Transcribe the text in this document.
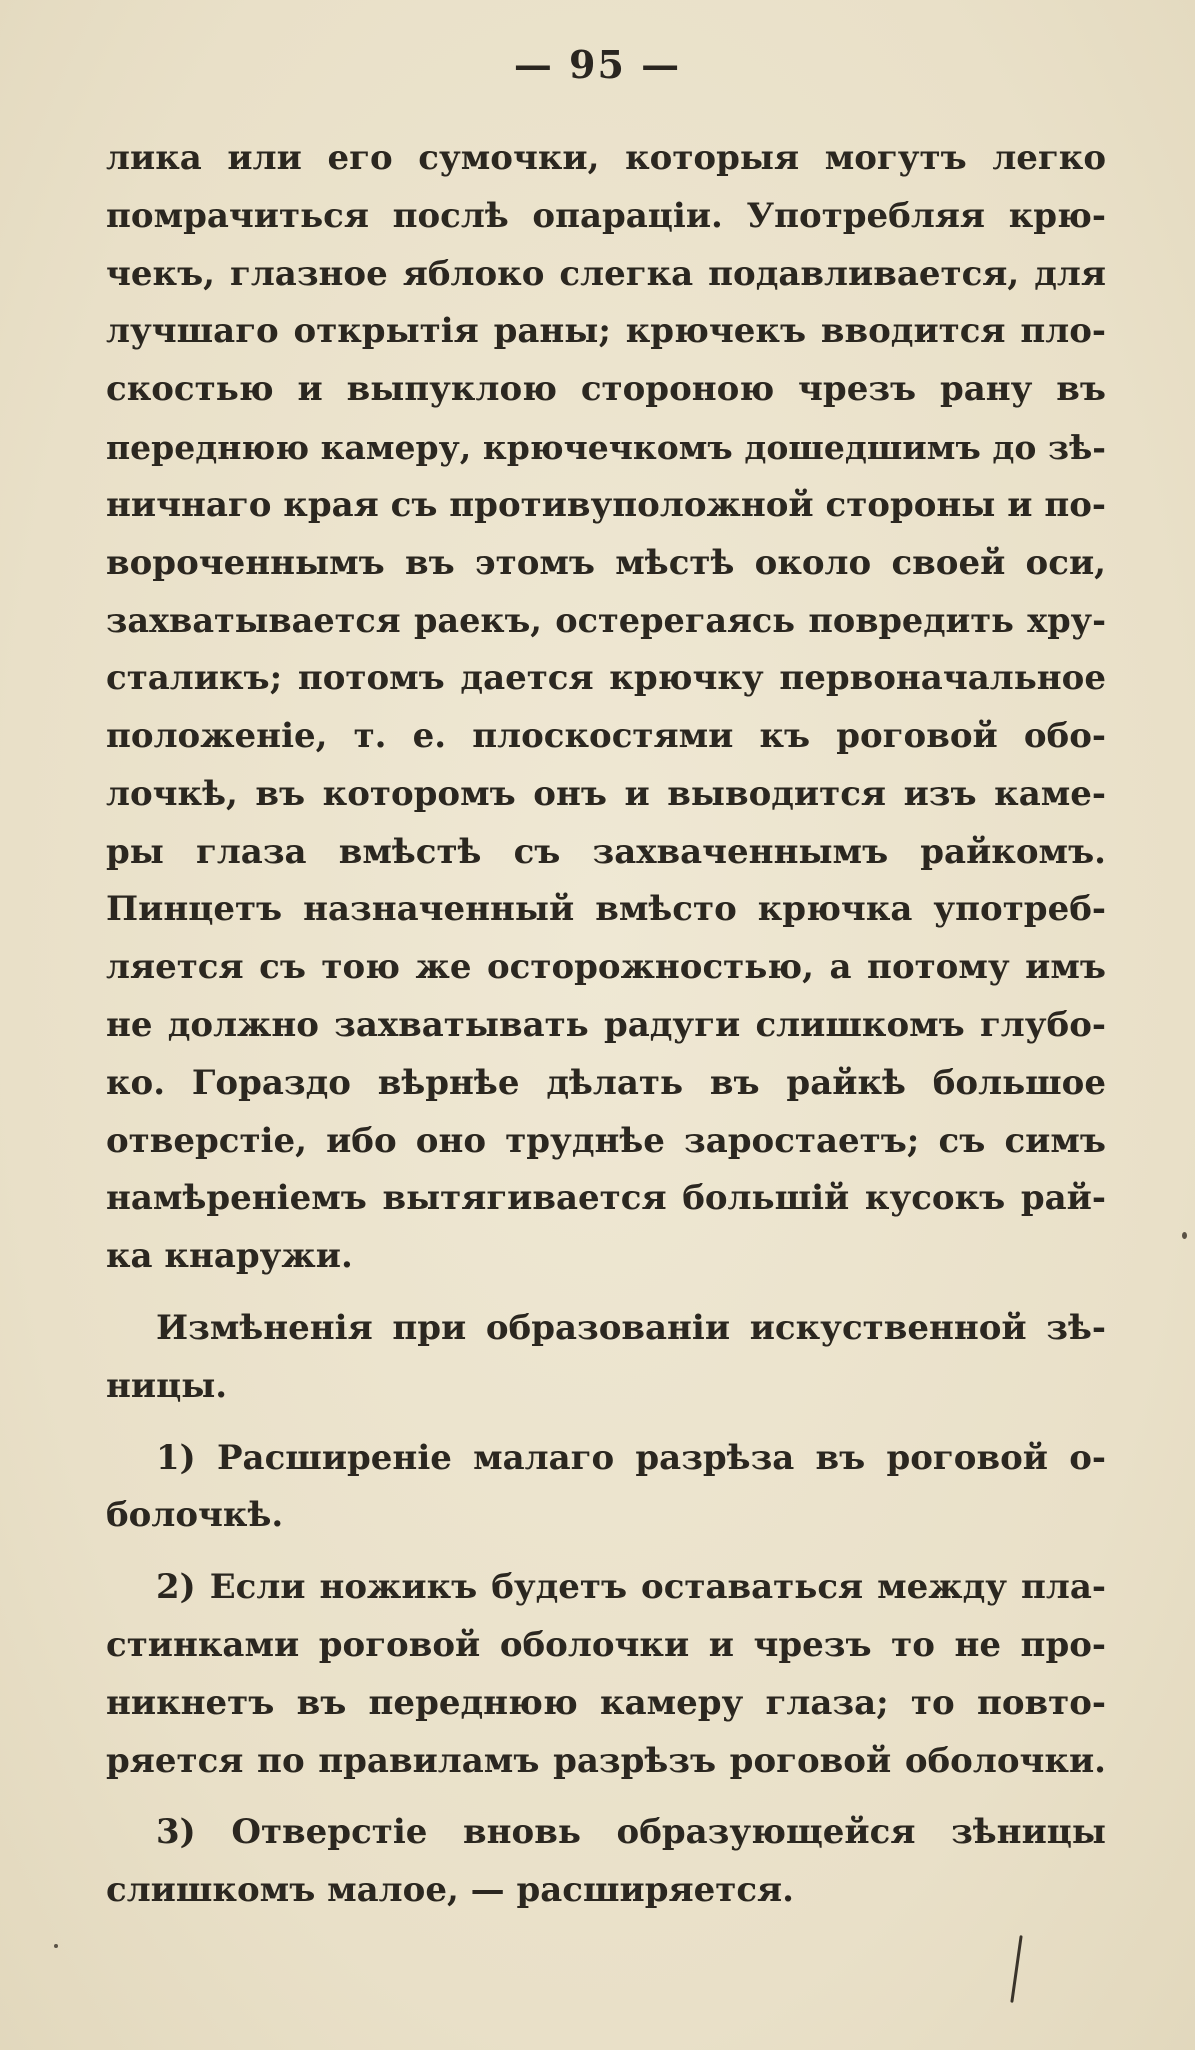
— 95 —
лика или его сумочки, которыя могутъ легко
помрачиться послѣ опараціи. Употребляя крю-
чекъ, глазное яблоко слегка подавливается, для
лучшаго открытія раны; крючекъ вводится пло-
скостью и выпуклою стороною чрезъ рану въ
переднюю камеру, крючечкомъ дошедшимъ до зѣ-
ничнаго края съ противуположной стороны и по-
вороченнымъ въ этомъ мѣстѣ около своей оси,
захватывается раекъ, остерегаясь повредить хру-
сталикъ; потомъ дается крючку первоначальное
положеніе, т. е. плоскостями къ роговой обо-
лочкѣ, въ которомъ онъ и выводится изъ каме-
ры глаза вмѣстѣ съ захваченнымъ райкомъ.
Пинцетъ назначенный вмѣсто крючка употреб-
ляется съ тою же осторожностью, а потому имъ
не должно захватывать радуги слишкомъ глубо-
ко. Гораздо вѣрнѣе дѣлать въ райкѣ большое
отверстіе, ибо оно труднѣе заростаетъ; съ симъ
намѣреніемъ вытягивается большій кусокъ рай-
ка кнаружи.
Измѣненія при образованіи искуственной зѣ-
ницы.
1) Расширеніе малаго разрѣза въ роговой о-
болочкѣ.
2) Если ножикъ будетъ оставаться между пла-
стинками роговой оболочки и чрезъ то не про-
никнетъ въ переднюю камеру глаза; то повто-
ряется по правиламъ разрѣзъ роговой оболочки.
3) Отверстіе вновь образующейся зѣницы
слишкомъ малое, — расширяется.
